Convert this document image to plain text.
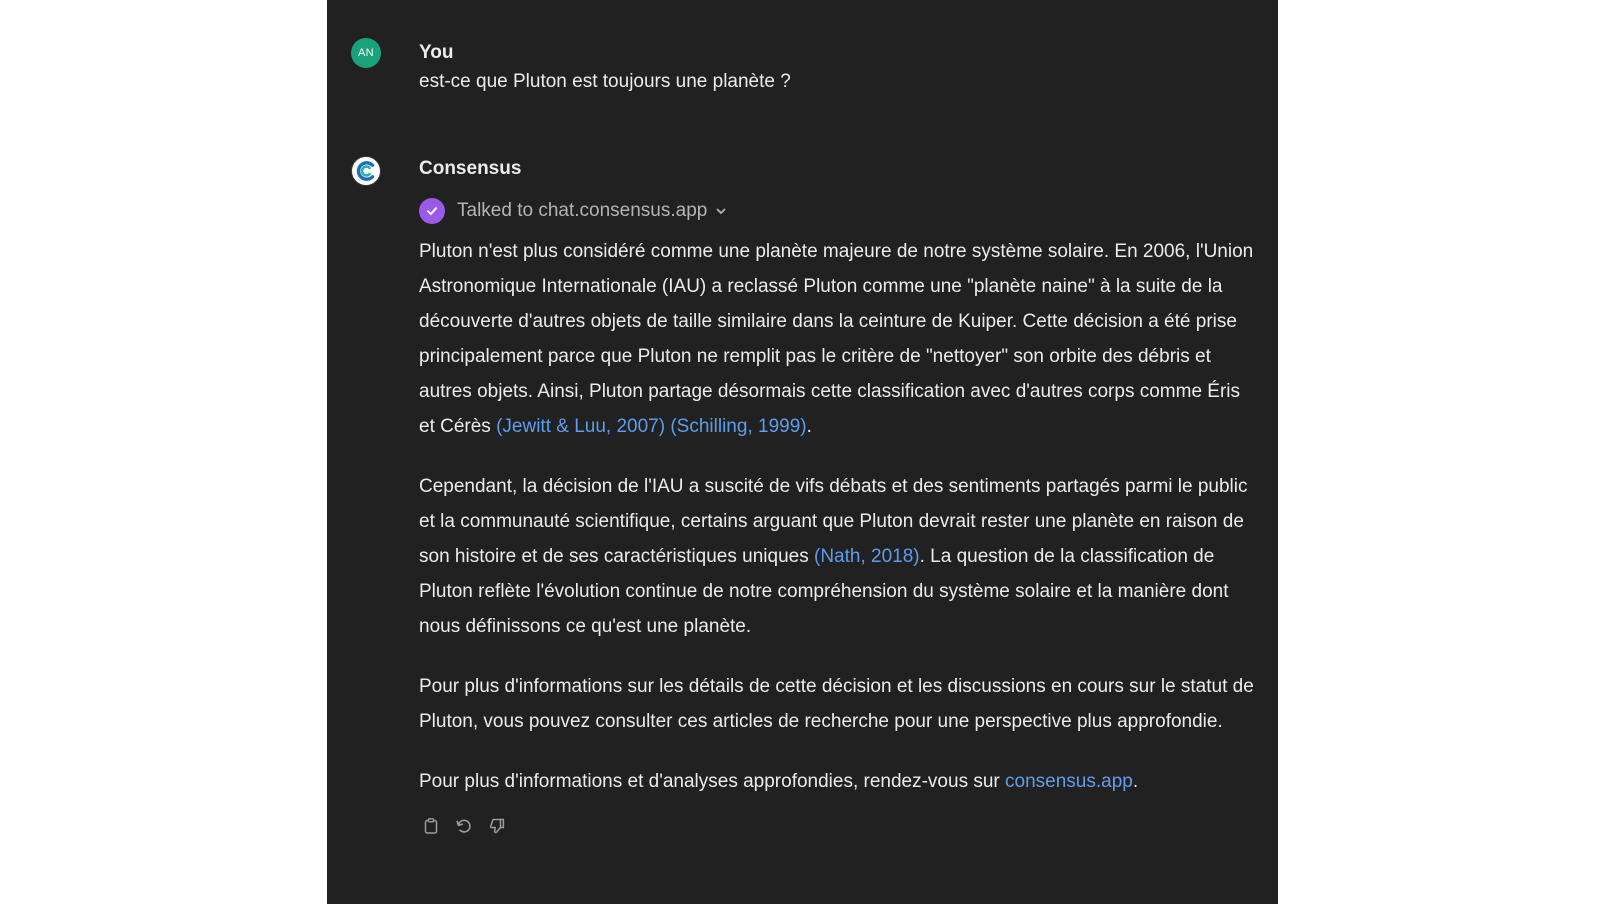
AN	You
est-ce que Pluton est toujours une planète ?
Consensus
Talked to chat.consensus.app

Pluton n'est plus considéré comme une planète majeure de notre système solaire. En 2006, l'Union Astronomique Internationale (IAU) a reclassé Pluton comme une "planète naine" à la suite de la découverte d'autres objets de taille similaire dans la ceinture de Kuiper. Cette décision a été prise principalement parce que Pluton ne remplit pas le critère de "nettoyer" son orbite des débris et autres objets. Ainsi, Pluton partage désormais cette classification avec d'autres corps comme Éris et Cérès (Jewitt & Luu, 2007) (Schilling, 1999).

Cependant, la décision de l'IAU a suscité de vifs débats et des sentiments partagés parmi le public et la communauté scientifique, certains arguant que Pluton devrait rester une planète en raison de son histoire et de ses caractéristiques uniques (Nath, 2018). La question de la classification de Pluton reflète l'évolution continue de notre compréhension du système solaire et la manière dont nous définissons ce qu'est une planète.

Pour plus d'informations sur les détails de cette décision et les discussions en cours sur le statut de Pluton, vous pouvez consulter ces articles de recherche pour une perspective plus approfondie.

Pour plus d'informations et d'analyses approfondies, rendez-vous sur consensus.app.
